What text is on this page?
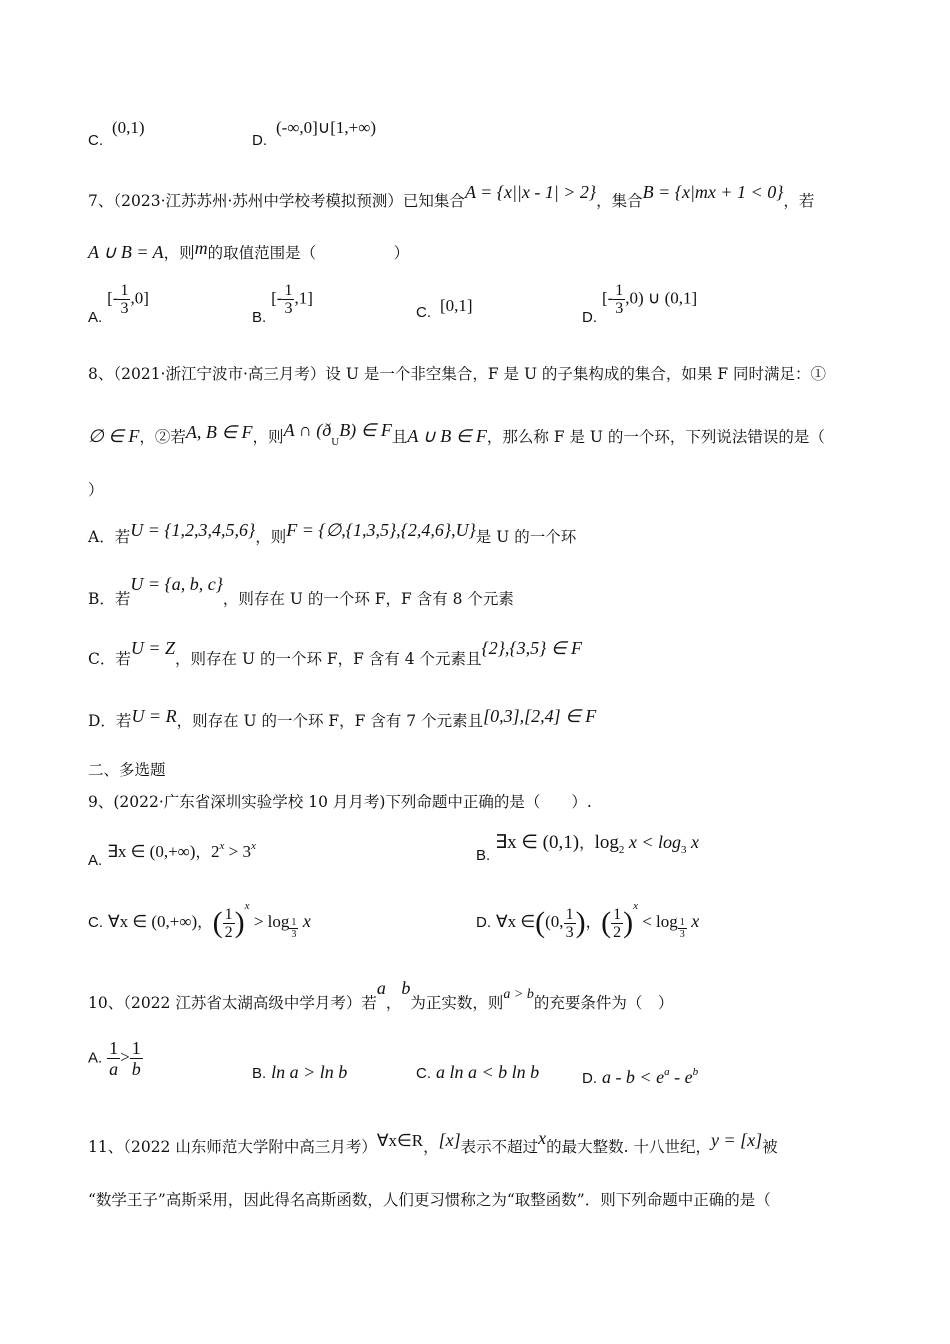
C. (0,1)
D. (-∞,0]∪[1,+∞)
7、（2023·江苏苏州·苏州中学校考模拟预测）已知集合A = {x||x - 1| > 2}，集合B = {x|mx + 1 < 0}，若
A ∪ B = A，则m的取值范围是（　　　　　）
A. [- $\frac{1}{3} ,0$]
B. [- $\frac{1}{3} ,1$]
C. [0,1]
D. [- $\frac{1}{3} ,0$) ∪ (0,1]
8、（2021·浙江宁波市·高三月考）设 U 是一个非空集合，F 是 U 的子集构成的集合，如果 F 同时满足：①
∅ ∈ F，②若A, B ∈ F，则A ∩ $(ð_UB)$ ∈ F且A ∪ B ∈ F，那么称 F 是 U 的一个环，下列说法错误的是（
）
A．若U = {1,2,3,4,5,6}，则F = {∅,{1,3,5},{2,4,6},U}是 U 的一个环
B．若U = {a, b, c}，则存在 U 的一个环 F，F 含有 8 个元素
C．若U = Z，则存在 U 的一个环 F，F 含有 4 个元素且{2},{3,5} ∈ F
D．若U = R，则存在 U 的一个环 F，F 含有 7 个元素且[0,3],[2,4] ∈ F
二、多选题
9、(2022·广东省深圳实验学校 10 月月考)下列命题中正确的是（　　）.
A. ∃x ∈ (0,+∞)，$2^x > 3^x$
B. ∃x ∈ (0,1)，$\log_2 x < \log_3 x$
C. ∀x ∈ (0,+∞)，( $\frac{1}{2} )^x > \log \frac{1}{3}$ x	D. ∀x ∈((0, $\frac{1}{3}$ )，( $\frac{1}{2} )^x < \log \frac{1}{3}$ x
10、（2022 江苏省太湖高级中学月考）若a，b为正实数，则a > b的充要条件为（　）
A. $\frac{1}{a} > \frac{1}{b}$	B. ln a > ln b	C. a ln a < b ln b	D. $a - b < e^a - e^b$
11、（2022 山东师范大学附中高三月考）∀x∈R，[x]表示不超过x的最大整数. 十八世纪，y = [x]被
“数学王子”高斯采用，因此得名高斯函数，人们更习惯称之为“取整函数”．则下列命题中正确的是（
